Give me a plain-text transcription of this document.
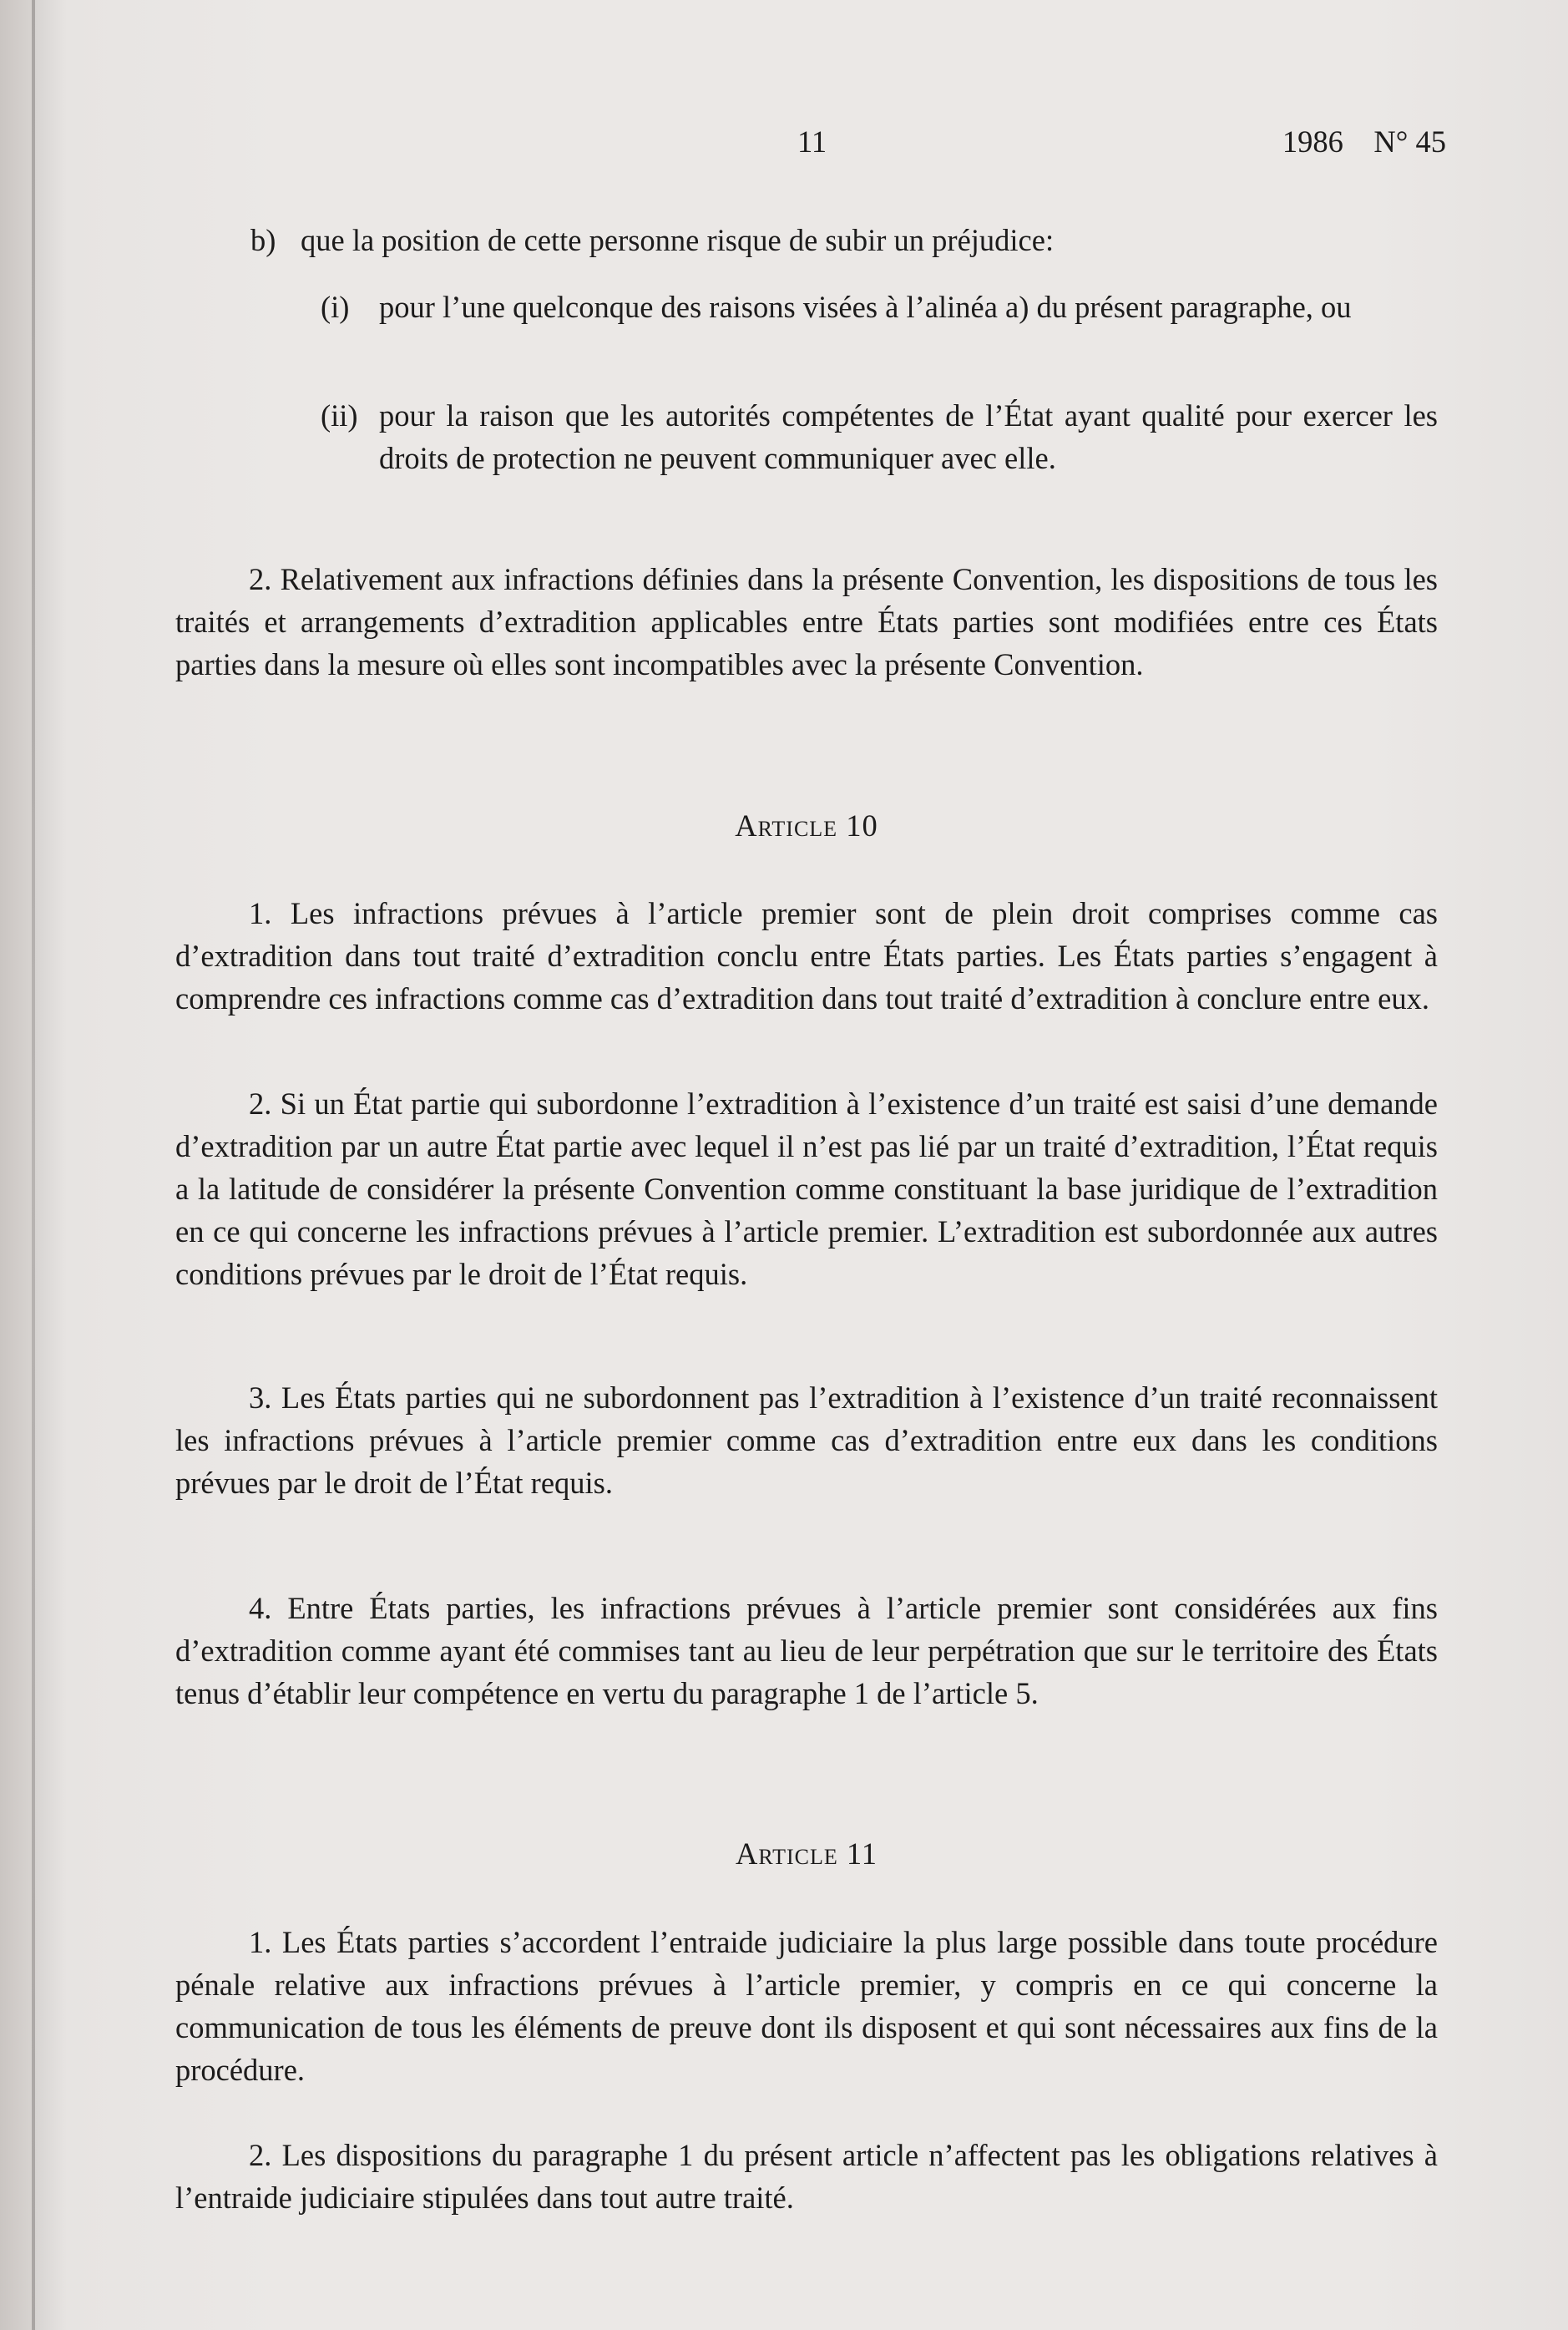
11	1986    N° 45
b) que la position de cette personne risque de subir un préjudice:
(i) pour l’une quelconque des raisons visées à l’alinéa a) du présent paragraphe, ou
(ii) pour la raison que les autorités compétentes de l’État ayant qualité pour exercer les droits de protection ne peuvent communiquer avec elle.

2. Relativement aux infractions définies dans la présente Convention, les dispositions de tous les traités et arrangements d’extradition applicables entre États parties sont modifiées entre ces États parties dans la mesure où elles sont incompatibles avec la présente Convention.

Article 10

1. Les infractions prévues à l’article premier sont de plein droit comprises comme cas d’extradition dans tout traité d’extradition conclu entre États parties. Les États parties s’engagent à comprendre ces infractions comme cas d’extradition dans tout traité d’extradition à conclure entre eux.

2. Si un État partie qui subordonne l’extradition à l’existence d’un traité est saisi d’une demande d’extradition par un autre État partie avec lequel il n’est pas lié par un traité d’extradition, l’État requis a la latitude de considérer la présente Convention comme constituant la base juridique de l’extradition en ce qui concerne les infractions prévues à l’article premier. L’extradition est subordonnée aux autres conditions prévues par le droit de l’État requis.

3. Les États parties qui ne subordonnent pas l’extradition à l’existence d’un traité reconnaissent les infractions prévues à l’article premier comme cas d’extradition entre eux dans les conditions prévues par le droit de l’État requis.

4. Entre États parties, les infractions prévues à l’article premier sont considérées aux fins d’extradition comme ayant été commises tant au lieu de leur perpétration que sur le territoire des États tenus d’établir leur compétence en vertu du paragraphe 1 de l’article 5.

Article 11

1. Les États parties s’accordent l’entraide judiciaire la plus large possible dans toute procédure pénale relative aux infractions prévues à l’article premier, y compris en ce qui concerne la communication de tous les éléments de preuve dont ils disposent et qui sont nécessaires aux fins de la procédure.

2. Les dispositions du paragraphe 1 du présent article n’affectent pas les obligations relatives à l’entraide judiciaire stipulées dans tout autre traité.
